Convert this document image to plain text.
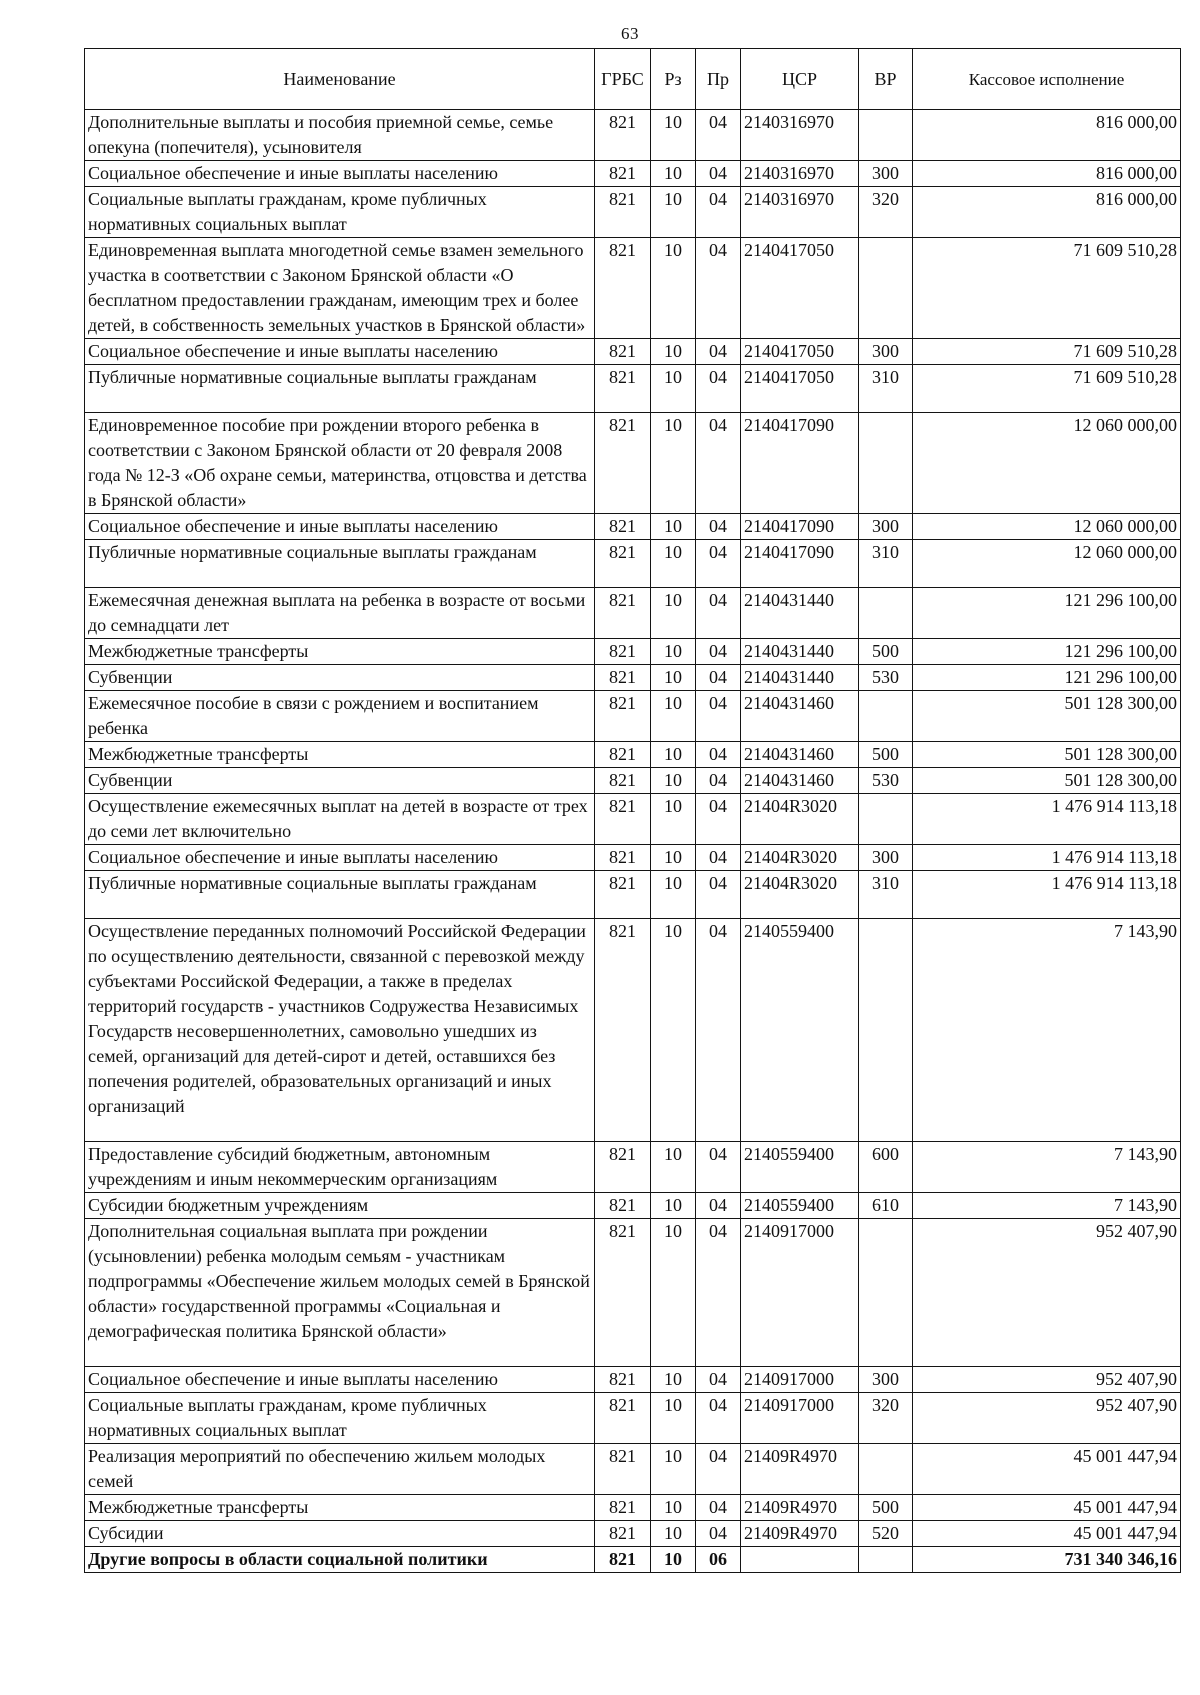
63
Наименование	ГРБС	Рз	Пр	ЦСР	ВР	Кассовое исполнение
Дополнительные выплаты и пособия приемной семье, семье опекуна (попечителя), усыновителя	821	10	04	2140316970		816 000,00
Социальное обеспечение и иные выплаты населению	821	10	04	2140316970	300	816 000,00
Социальные выплаты гражданам, кроме публичных нормативных социальных выплат	821	10	04	2140316970	320	816 000,00
Единовременная выплата многодетной семье взамен земельного участка в соответствии с Законом Брянской области «О бесплатном предоставлении гражданам, имеющим трех и более детей, в собственность земельных участков в Брянской области»	821	10	04	2140417050		71 609 510,28
Социальное обеспечение и иные выплаты населению	821	10	04	2140417050	300	71 609 510,28
Публичные нормативные социальные выплаты гражданам	821	10	04	2140417050	310	71 609 510,28
Единовременное пособие при рождении второго ребенка в соответствии с Законом Брянской области от 20 февраля 2008 года № 12-З «Об охране семьи, материнства, отцовства и детства в Брянской области»	821	10	04	2140417090		12 060 000,00
Социальное обеспечение и иные выплаты населению	821	10	04	2140417090	300	12 060 000,00
Публичные нормативные социальные выплаты гражданам	821	10	04	2140417090	310	12 060 000,00
Ежемесячная денежная выплата на ребенка в возрасте от восьми до семнадцати лет	821	10	04	2140431440		121 296 100,00
Межбюджетные трансферты	821	10	04	2140431440	500	121 296 100,00
Субвенции	821	10	04	2140431440	530	121 296 100,00
Ежемесячное пособие в связи с рождением и воспитанием ребенка	821	10	04	2140431460		501 128 300,00
Межбюджетные трансферты	821	10	04	2140431460	500	501 128 300,00
Субвенции	821	10	04	2140431460	530	501 128 300,00
Осуществление ежемесячных выплат на детей в возрасте от трех до семи лет включительно	821	10	04	21404R3020		1 476 914 113,18
Социальное обеспечение и иные выплаты населению	821	10	04	21404R3020	300	1 476 914 113,18
Публичные нормативные социальные выплаты гражданам	821	10	04	21404R3020	310	1 476 914 113,18
Осуществление переданных полномочий Российской Федерации по осуществлению деятельности, связанной с перевозкой между субъектами Российской Федерации, а также в пределах территорий государств - участников Содружества Независимых Государств несовершеннолетних, самовольно ушедших из семей, организаций для детей-сирот и детей, оставшихся без попечения родителей, образовательных организаций и иных организаций	821	10	04	2140559400		7 143,90
Предоставление субсидий бюджетным, автономным учреждениям и иным некоммерческим организациям	821	10	04	2140559400	600	7 143,90
Субсидии бюджетным учреждениям	821	10	04	2140559400	610	7 143,90
Дополнительная социальная выплата при рождении (усыновлении) ребенка молодым семьям - участникам подпрограммы «Обеспечение жильем молодых семей в Брянской области» государственной программы «Социальная и демографическая политика Брянской области»	821	10	04	2140917000		952 407,90
Социальное обеспечение и иные выплаты населению	821	10	04	2140917000	300	952 407,90
Социальные выплаты гражданам, кроме публичных нормативных социальных выплат	821	10	04	2140917000	320	952 407,90
Реализация мероприятий по обеспечению жильем молодых семей	821	10	04	21409R4970		45 001 447,94
Межбюджетные трансферты	821	10	04	21409R4970	500	45 001 447,94
Субсидии	821	10	04	21409R4970	520	45 001 447,94
Другие вопросы в области социальной политики	821	10	06			731 340 346,16
